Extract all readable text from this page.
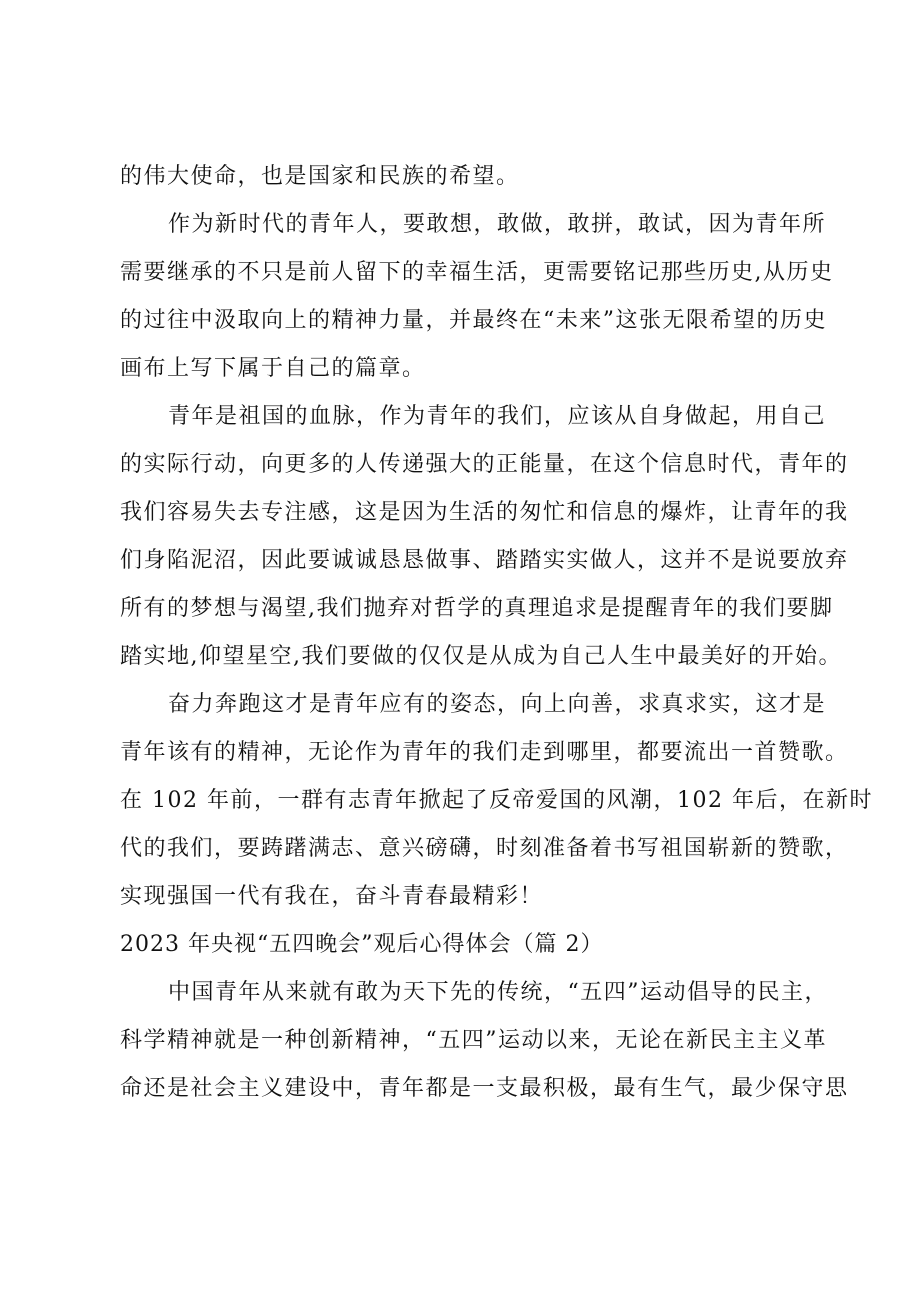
的伟大使命，也是国家和民族的希望。
作为新时代的青年人，要敢想，敢做，敢拼，敢试，因为青年所
需要继承的不只是前人留下的幸福生活，更需要铭记那些历史,从历史
的过往中汲取向上的精神力量，并最终在“未来”这张无限希望的历史
画布上写下属于自己的篇章。
青年是祖国的血脉，作为青年的我们，应该从自身做起，用自己
的实际行动，向更多的人传递强大的正能量，在这个信息时代，青年的
我们容易失去专注感，这是因为生活的匆忙和信息的爆炸，让青年的我
们身陷泥沼，因此要诚诚恳恳做事、踏踏实实做人，这并不是说要放弃
所有的梦想与渴望,我们抛弃对哲学的真理追求是提醒青年的我们要脚
踏实地,仰望星空,我们要做的仅仅是从成为自己人生中最美好的开始。
奋力奔跑这才是青年应有的姿态，向上向善，求真求实，这才是
青年该有的精神，无论作为青年的我们走到哪里，都要流出一首赞歌。
在 102 年前，一群有志青年掀起了反帝爱国的风潮，102 年后，在新时
代的我们，要踌躇满志、意兴磅礴，时刻准备着书写祖国崭新的赞歌，
实现强国一代有我在，奋斗青春最精彩！
2023 年央视“五四晚会”观后心得体会（篇 2）
中国青年从来就有敢为天下先的传统，“五四”运动倡导的民主，
科学精神就是一种创新精神，“五四”运动以来，无论在新民主主义革
命还是社会主义建设中，青年都是一支最积极，最有生气，最少保守思
